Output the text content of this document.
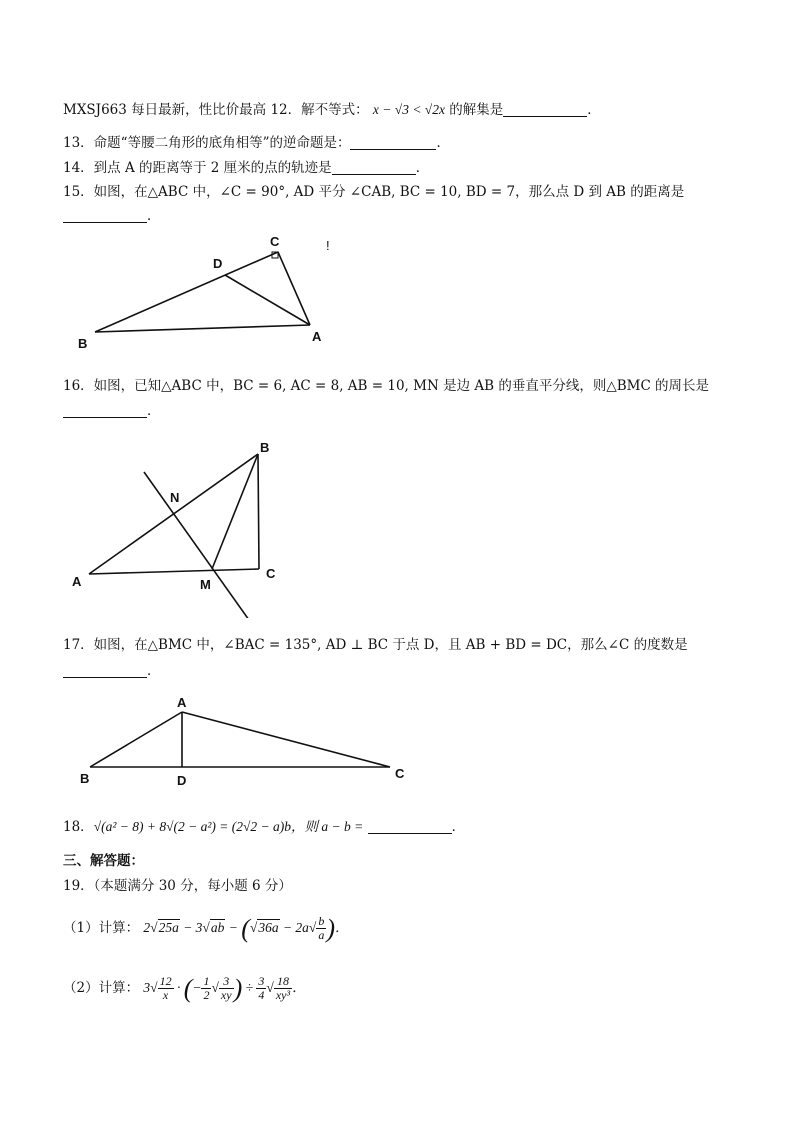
MXSJ663 每日最新，性比价最高 12．解不等式： x − √3 < √2x 的解集是	．
13．命题“等腰二角形的底角相等”的逆命题是：	．
14．到点 A 的距离等于 2 厘米的点的轨迹是	．
15．如图，在△ABC 中，∠C = 90°, AD 平分 ∠CAB, BC = 10, BD = 7，那么点 D 到 AB 的距离是
．
B	A
C
D
!
16．如图，已知△ABC 中，BC = 6, AC = 8, AB = 10, MN 是边 AB 的垂直平分线，则△BMC 的周长是
．
A
B
C
M
N
17．如图，在△BMC 中，∠BAC = 135°, AD ⊥ BC 于点 D，且 AB + BD = DC，那么∠C 的度数是
．
A
B	C
D
18．√(a² − 8) + 8√(2 − a²) = (2√2 − a)b，则 a − b =	．
三、解答题：
19．（本题满分 30 分，每小题 6 分）
（1）计算： $2√25a - 3√ab - (√36a - 2a√ \frac{b}{a}$ )．
（2）计算： $3√ \frac{12}{x}$ · (− $\frac{1}{2}$ √ $\frac{3}{xy}$ ) ÷ $\frac{3}{4}$ √ $\frac{18}{\text{xy³}}$ ．
